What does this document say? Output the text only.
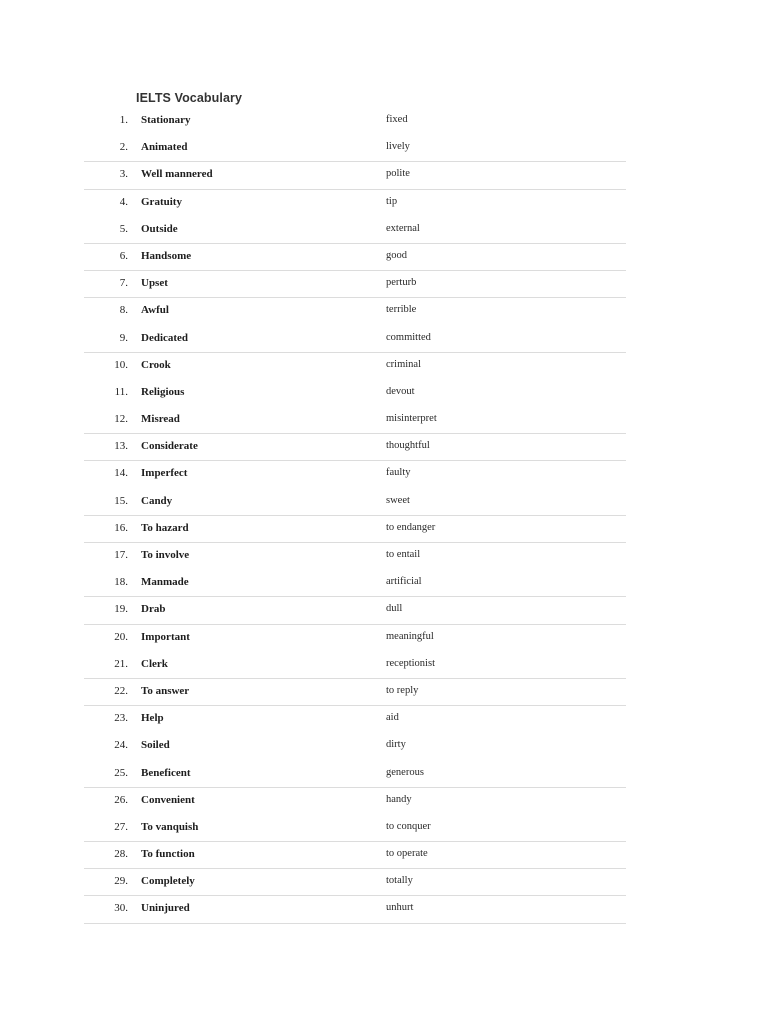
IELTS Vocabulary
1. Stationary	fixed
2. Animated	lively
3. Well mannered	polite
4. Gratuity	tip
5. Outside	external
6. Handsome	good
7. Upset	perturb
8. Awful	terrible
9. Dedicated	committed
10. Crook	criminal
11. Religious	devout
12. Misread	misinterpret
13. Considerate	thoughtful
14. Imperfect	faulty
15. Candy	sweet
16. To hazard	to endanger
17. To involve	to entail
18. Manmade	artificial
19. Drab	dull
20. Important	meaningful
21. Clerk	receptionist
22. To answer	to reply
23. Help	aid
24. Soiled	dirty
25. Beneficent	generous
26. Convenient	handy
27. To vanquish	to conquer
28. To function	to operate
29. Completely	totally
30. Uninjured	unhurt
